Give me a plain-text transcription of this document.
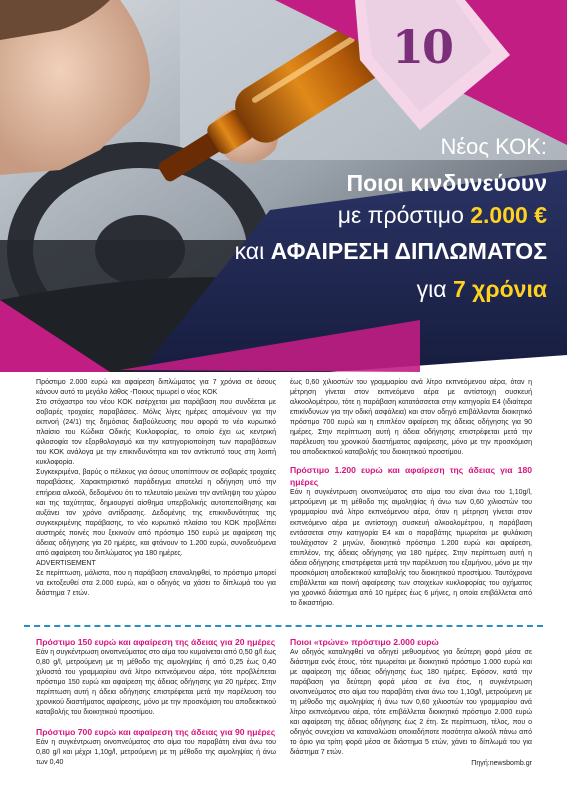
10
Νέος ΚΟΚ:
Ποιοι κινδυνεύουν
με πρόστιμο 2.000 €
και ΑΦΑΙΡΕΣΗ ΔΙΠΛΩΜΑΤΟΣ
για 7 χρόνια

Πρόστιμο 2.000 ευρώ και αφαίρεση διπλώματος για 7 χρόνια σε όσους κάνουν αυτό το μεγάλο λάθος -Ποιους τιμωρεί ο νέος ΚΟΚ

Στο στόχαστρο του νέου ΚΟΚ εισέρχεται μια παράβαση που συνδέεται με σοβαρές τροχαίες παραβάσεις. Μόλις λίγες ημέρες απομένουν για την εκπνοή (24/1) της δημόσιας διαβούλευσης που αφορά το νέο κυρωτικό πλαίσιο του Κώδικα Οδικής Κυκλοφορίας, το οποίο έχει ως κεντρική φιλοσοφία τον εξορθολογισμό και την κατηγοριοποίηση των παραβάσεων του ΚΟΚ ανάλογα με την επικινδυνότητα και τον αντίκτυπό τους στη λοιπή κυκλοφορία.

Συγκεκριμένα, βαρύς ο πέλεκυς για όσους υποπίπτουν σε σοβαρές τροχαίες παραβάσεις. Χαρακτηριστικό παράδειγμα αποτελεί η οδήγηση υπό την επήρεια αλκοόλ, δεδομένου ότι το τελευταίο μειώνει την αντίληψη του χώρου και της ταχύτητας, δημιουργεί αίσθημα υπερβολικής αυτοπεποίθησης και αυξάνει τον χρόνο αντίδρασης. Δεδομένης της επικινδυνότητας της συγκεκριμένης παράβασης, το νέο κυρωτικό πλαίσιο του ΚΟΚ προβλέπει αυστηρές ποινές που ξεκινούν από πρόστιμο 150 ευρώ με αφαίρεση της άδειας οδήγησης για 20 ημέρες, και φτάνουν το 1.200 ευρώ, συνοδευόμενα από αφαίρεση του διπλώματος για 180 ημέρες.

ADVERTISEMENT

Σε περίπτωση, μάλιστα, που η παράβαση επαναληφθεί, το πρόστιμο μπορεί να εκτοξευθεί στα 2.000 ευρώ, και ο οδηγός να χάσει το δίπλωμά του για διάστημα 7 ετών.

έως 0,60 χιλιοστών του γραμμαρίου ανά λίτρο εκπνεόμενου αέρα, όταν η μέτρηση γίνεται στον εκπνεόμενο αέρα με αντίστοιχη συσκευή αλκοολομέτρου, τότε η παράβαση κατατάσσεται στην κατηγορία Ε4 (ιδιαίτερα επικίνδυνων για την οδική ασφάλεια) και στον οδηγό επιβάλλονται διοικητικό πρόστιμο 700 ευρώ και η επιπλέον αφαίρεση της άδειας οδήγησης για 90 ημέρες. Στην περίπτωση αυτή η άδεια οδήγησης επιστρέφεται μετά την παρέλευση του χρονικού διαστήματος αφαίρεσης, μόνο με την προσκόμιση του αποδεικτικού καταβολής του διοικητικού προστίμου.

Πρόστιμο 1.200 ευρώ και αφαίρεση της άδειας για 180 ημέρες

Εάν η συγκέντρωση οινοπνεύματος στο αίμα του είναι άνω του 1,10g/l, μετρούμενη με τη μέθοδο της αιμοληψίας ή άνω των 0,60 χιλιοστών του γραμμαρίου ανά λίτρο εκπνεόμενου αέρα, όταν η μέτρηση γίνεται στον εκπνεόμενο αέρα με αντίστοιχη συσκευή αλκοολομέτρου, η παράβαση εντάσσεται στην κατηγορία Ε4 και ο παραβάτης τιμωρείται με φυλάκιση τουλάχιστον 2 μηνών, διοικητικό πρόστιμο 1.200 ευρώ και αφαίρεση, επιπλέον, της άδειας οδήγησης για 180 ημέρες. Στην περίπτωση αυτή η άδεια οδήγησης επιστρέφεται μετά την παρέλευση του εξαμήνου, μόνο με την προσκόμιση αποδεικτικού καταβολής του διοικητικού προστίμου. Ταυτόχρονα επιβάλλεται και ποινή αφαίρεσης των στοιχείων κυκλοφορίας του οχήματος για χρονικό διάστημα από 10 ημέρες έως 6 μήνες, η οποία επιβάλλεται από το δικαστήριο.

Πρόστιμο 150 ευρώ και αφαίρεση της άδειας για 20 ημέρες

Εάν η συγκέντρωση οινοπνεύματος στο αίμα του κυμαίνεται από 0,50 g/l έως 0,80 g/l, μετρούμενη με τη μέθοδο της αιμοληψίας ή από 0,25 έως 0,40 χιλιοστά του γραμμαρίου ανά λίτρο εκπνεόμενου αέρα, τότε προβλέπεται πρόστιμο 150 ευρώ και αφαίρεση της άδειας οδήγησης για 20 ημέρες. Στην περίπτωση αυτή η άδεια οδήγησης επιστρέφεται μετά την παρέλευση του χρονικού διαστήματος αφαίρεσης, μόνο με την προσκόμιση του αποδεικτικού καταβολής του διοικητικού προστίμου.

Πρόστιμο 700 ευρώ και αφαίρεση της άδειας για 90 ημέρες

Εάν η συγκέντρωση οινοπνεύματος στο αίμα του παραβάτη είναι άνω του 0,80 g/l και μέχρι 1,10g/l, μετρούμενη με τη μέθοδο της αιμοληψίας ή άνω των 0,40

Ποιοι «τρώνε» πρόστιμο 2.000 ευρώ

Αν οδηγός καταληφθεί να οδηγεί μεθυσμένος για δεύτερη φορά μέσα σε διάστημα ενός έτους, τότε τιμωρείται με διοικητικό πρόστιμο 1.000 ευρώ και με αφαίρεση της άδειας οδήγησης έως 180 ημέρες. Εφόσον, κατά την παράβαση για δεύτερη φορά μέσα σε ένα έτος, η συγκέντρωση οινοπνεύματος στο αίμα του παραβάτη είναι άνω του 1,10g/l, μετρούμενη με τη μέθοδο της αιμοληψίας ή άνω των 0,60 χιλιοστών του γραμμαρίου ανά λίτρο εκπνεόμενου αέρα, τότε επιβάλλεται διοικητικό πρόστιμο 2.000 ευρώ και αφαίρεση της άδειας οδήγησης έως 2 έτη. Σε περίπτωση, τέλος, που ο οδηγός συνεχίσει να καταναλώσει οποιαδήποτε ποσότητα αλκοόλ πάνω από το όριο για τρίτη φορά μέσα σε διάστημα 5 ετών, χάνει το δίπλωμά του για διάστημα 7 ετών.

Πηγή:newsbomb.gr
